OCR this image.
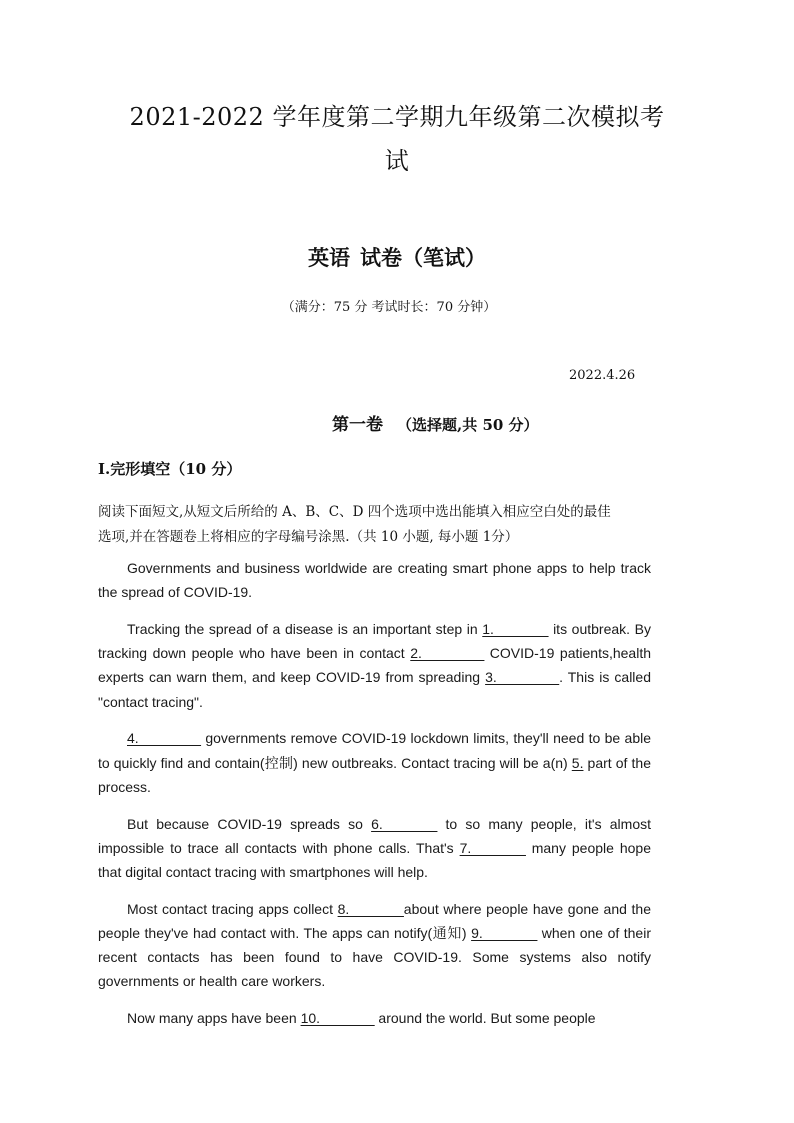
2021-2022 学年度第二学期九年级第二次模拟考
试
英语 试卷（笔试）
（满分：75 分 考试时长：70 分钟）
2022.4.26
第一卷 （选择题,共 50 分）
I.完形填空（10 分）
阅读下面短文,从短文后所给的 A、B、C、D 四个选项中选出能填入相应空白处的最佳
选项,并在答题卷上将相应的字母编号涂黑.（共 10 小题, 每小题 1分）

Governments and business worldwide are creating smart phone apps to help track the spread of COVID-19.

Tracking the spread of a disease is an important step in 1._______ its outbreak. By tracking down people who have been in contact 2.________ COVID-19 patients,health experts can warn them, and keep COVID-19 from spreading 3.________. This is called "contact tracing".

4.________ governments remove COVID-19 lockdown limits, they'll need to be able to quickly find and contain(控制) new outbreaks. Contact tracing will be a(n) 5. part of the process.

But because COVID-19 spreads so 6._______ to so many people, it's almost impossible to trace all contacts with phone calls. That's 7._______ many people hope that digital contact tracing with smartphones will help.

Most contact tracing apps collect 8._______about where people have gone and the people they've had contact with. The apps can notify(通知) 9._______ when one of their recent contacts has been found to have COVID-19. Some systems also notify governments or health care workers.

Now many apps have been 10._______ around the world. But some people
